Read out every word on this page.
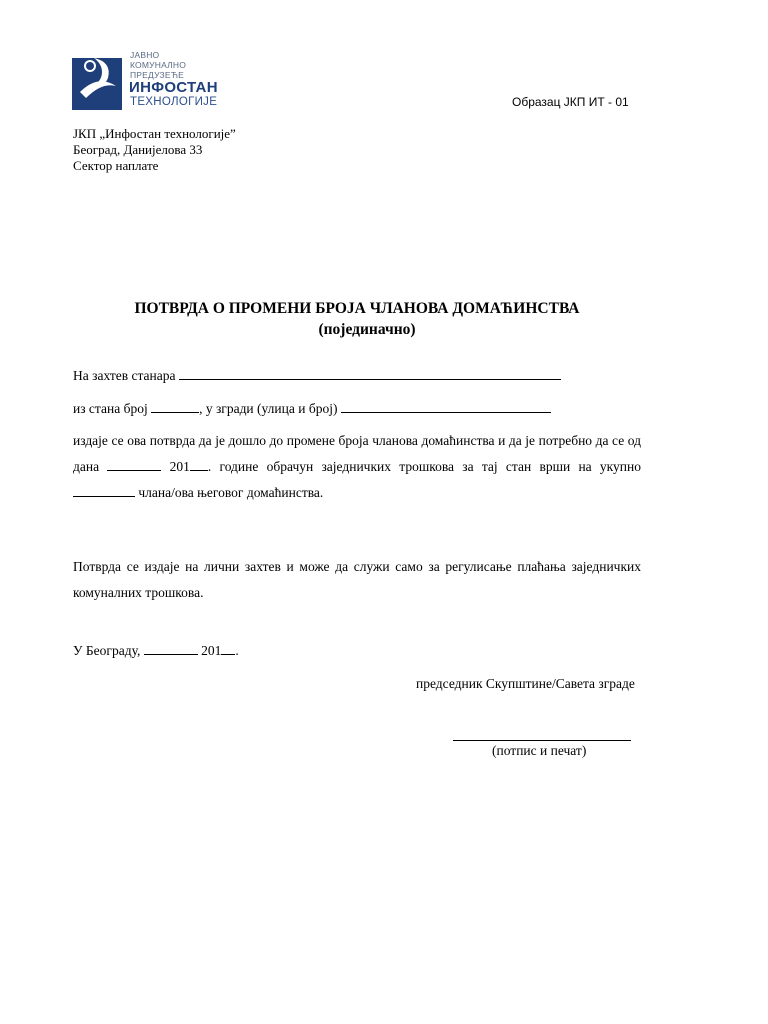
ЈАВНО
КОМУНАЛНО
ПРЕДУЗЕЋЕ
ИНФОСТАН
ТЕХНОЛОГИЈЕ	Образац ЈКП ИТ - 01
ЈКП „Инфостан технологије”
Београд, Данијелова 33
Сектор наплате
ПОТВРДА О ПРОМЕНИ БРОЈА ЧЛАНОВА ДОМАЋИНСТВА
(појединачно)
На захтев станара
из стана број	, у згради (улица и број)
издаје се ова потврда да је дошло до промене броја чланова домаћинства и да је потребно да се од дана	201 . године обрачун заједничких трошкова за тај стан врши на укупно  члана/ова његовог домаћинства.
Потврда се издаје на лични захтев и може да служи само за регулисање плаћања заједничких комуналних трошкова.
У Београду,	201 .
председник Скупштине/Савета зграде
(потпис и печат)
